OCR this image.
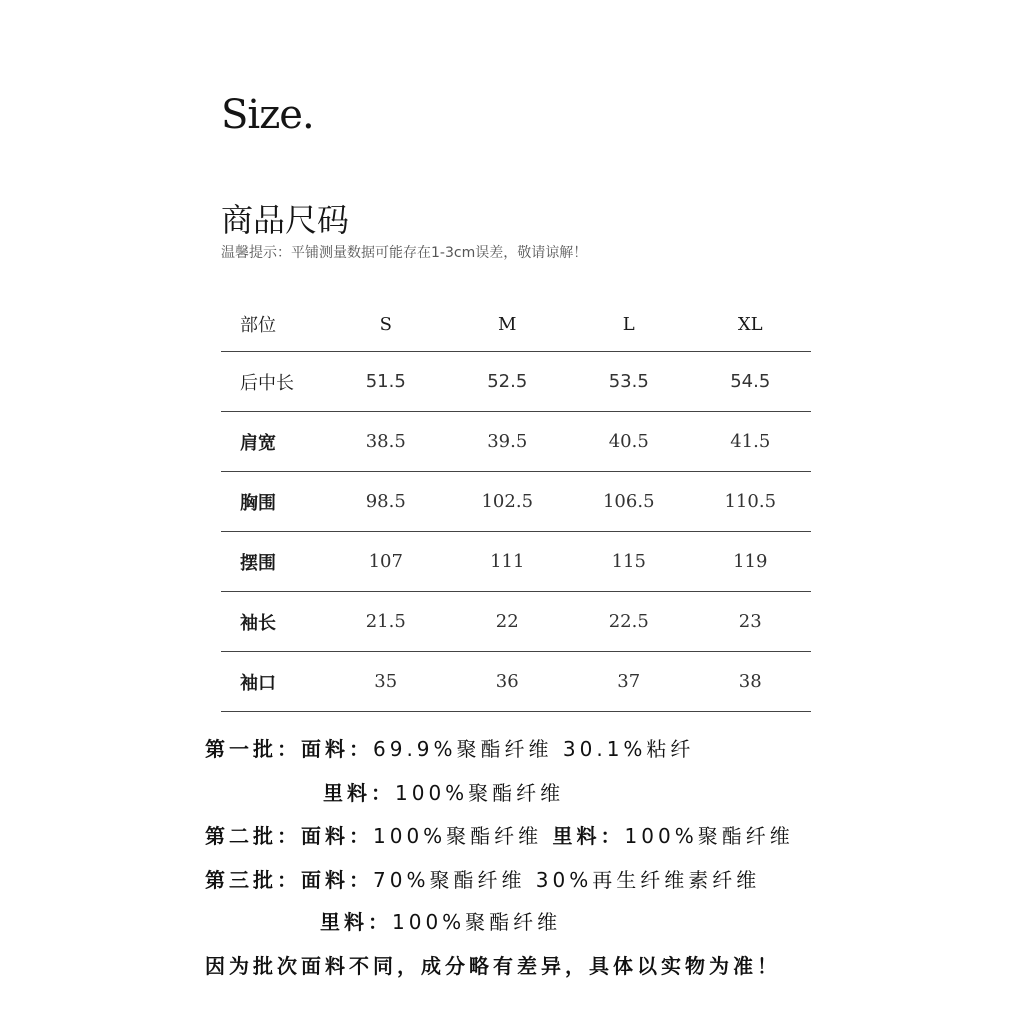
Size.
商品尺码
温馨提示：平铺测量数据可能存在1-3cm误差，敬请谅解！
部位	S	M	L	XL
后中长	51.5	52.5	53.5	54.5
肩宽	38.5	39.5	40.5	41.5
胸围	98.5	102.5	106.5	110.5
摆围	107	111	115	119
袖长	21.5	22	22.5	23
袖口	35	36	37	38
第一批：面料：69.9%聚酯纤维 30.1%粘纤
里料：100%聚酯纤维
第二批：面料：100%聚酯纤维 里料：100%聚酯纤维
第三批：面料：70%聚酯纤维 30%再生纤维素纤维
里料：100%聚酯纤维
因为批次面料不同，成分略有差异，具体以实物为准！
